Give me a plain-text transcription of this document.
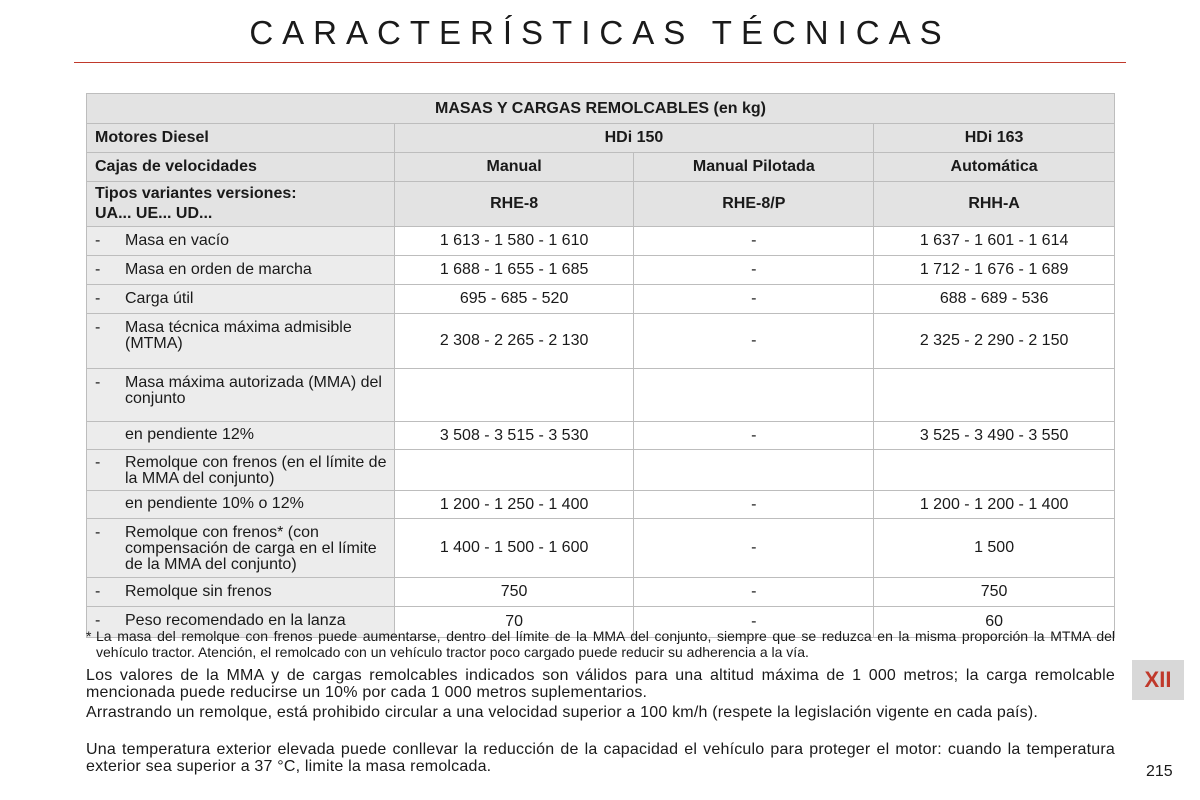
CARACTERÍSTICAS TÉCNICAS
MASAS Y CARGAS REMOLCABLES (en kg)			
Motores Diesel	HDi 150		HDi 163
Cajas de velocidades	Manual	Manual Pilotada	Automática

Tipos variantes versiones:
UA... UE... UD...	RHE-8	RHE-8/P	RHH-A

- Masa en vacío	1 613 - 1 580 - 1 610	-	1 637 - 1 601 - 1 614

- Masa en orden de marcha	1 688 - 1 655 - 1 685	-	1 712 - 1 676 - 1 689

- Carga útil	695 - 685 - 520	-	688 - 689 - 536

- Masa técnica máxima admisible (MTMA)	2 308 - 2 265 - 2 130	-	2 325 - 2 290 - 2 150

- Masa máxima autorizada (MMA) del conjunto			

en pendiente 12%	3 508 - 3 515 - 3 530	-	3 525 - 3 490 - 3 550

- Remolque con frenos (en el límite de la MMA del conjunto)			

en pendiente 10% o 12%	1 200 - 1 250 - 1 400	-	1 200 - 1 200 - 1 400

- Remolque con frenos* (con compensación de carga en el límite de la MMA del conjunto)	1 400 - 1 500 - 1 600	-	1 500

- Remolque sin frenos	750	-	750

- Peso recomendado en la lanza	70	-	60
* La masa del remolque con frenos puede aumentarse, dentro del límite de la MMA del conjunto, siempre que se reduzca en la misma proporción la MTMA del vehículo tractor. Atención, el remolcado con un vehículo tractor poco cargado puede reducir su adherencia a la vía.
Los valores de la MMA y de cargas remolcables indicados son válidos para una altitud máxima de 1 000 metros; la carga remolcable mencionada puede reducirse un 10% por cada 1 000 metros suplementarios.
Arrastrando un remolque, está prohibido circular a una velocidad superior a 100 km/h (respete la legislación vigente en cada país).
Una temperatura exterior elevada puede conllevar la reducción de la capacidad el vehículo para proteger el motor: cuando la temperatura exterior sea superior a 37 °C, limite la masa remolcada.
XII
215
